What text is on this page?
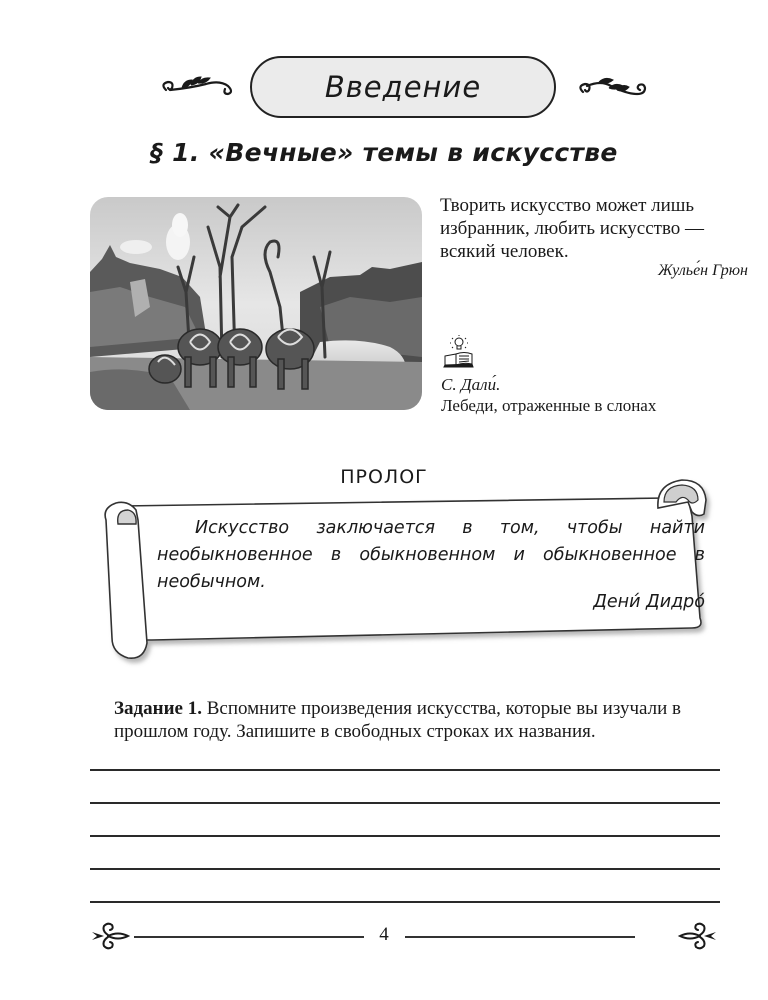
Введение
§ 1. «Вечные» темы в искусстве
Творить искусство может лишь избранник, любить искусство — всякий человек.
Жулье́н Грюн
С. Дали́.
Лебеди, отраженные в слонах
ПРОЛОГ
Искусство заключается в том, чтобы найти необыкновенное в обыкновенном и обыкновенное в необычном.
Дени́ Дидро́
Задание 1. Вспомните произведения искусства, которые вы изучали в прошлом году. Запишите в свободных строках их названия.
4
